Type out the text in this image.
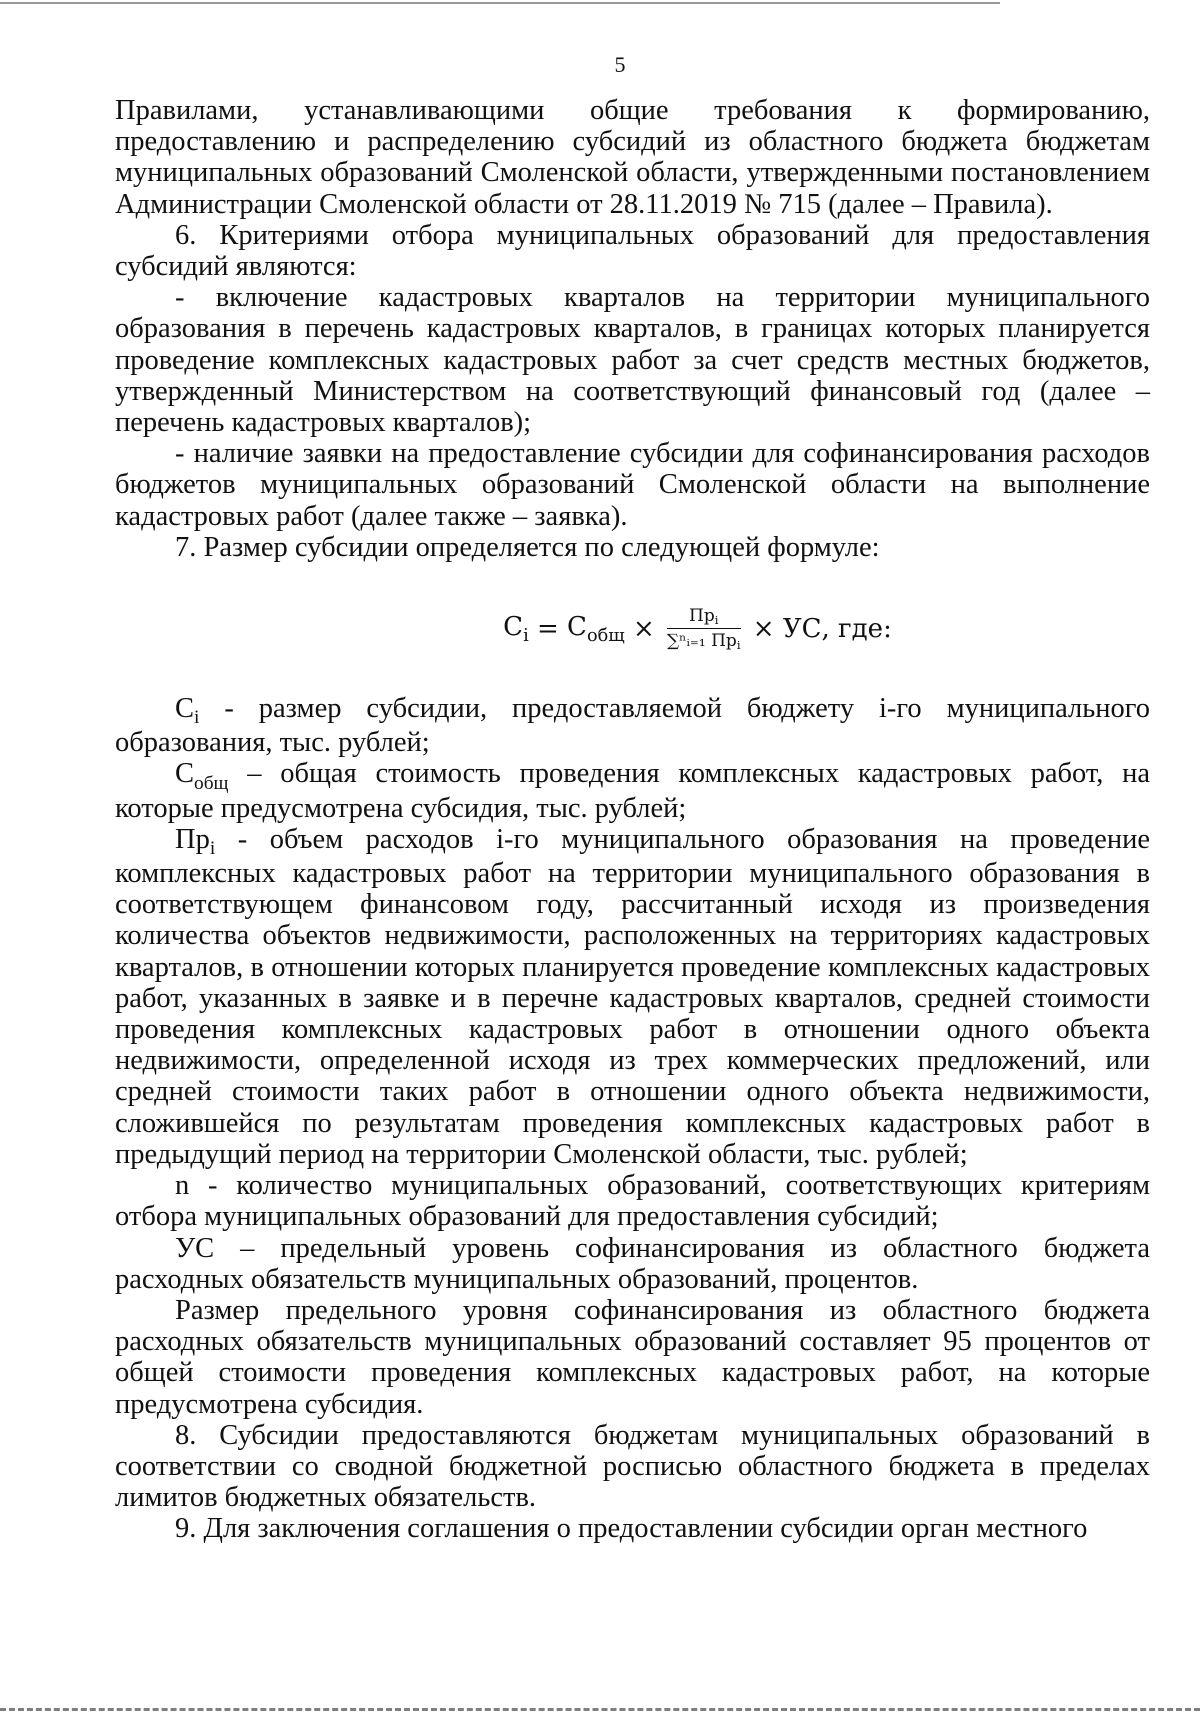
5

Правилами, устанавливающими общие требования к формированию, предоставлению и распределению субсидий из областного бюджета бюджетам муниципальных образований Смоленской области, утвержденными постановлением Администрации Смоленской области от 28.11.2019 № 715 (далее – Правила).

6. Критериями отбора муниципальных образований для предоставления субсидий являются:

- включение кадастровых кварталов на территории муниципального образования в перечень кадастровых кварталов, в границах которых планируется проведение комплексных кадастровых работ за счет средств местных бюджетов, утвержденный Министерством на соответствующий финансовый год (далее – перечень кадастровых кварталов);

- наличие заявки на предоставление субсидии для софинансирования расходов бюджетов муниципальных образований Смоленской области на выполнение кадастровых работ (далее также – заявка).

7. Размер субсидии определяется по следующей формуле:

$C_i = C_{общ} \times \frac{Пр_i}{\sum^nᵢ_{=1} Пр_i}$ × УС, где:

$C_i$ - размер субсидии, предоставляемой бюджету i-го муниципального образования, тыс. рублей;

$C_{общ}$ – общая стоимость проведения комплексных кадастровых работ, на которые предусмотрена субсидия, тыс. рублей;

$Пр_i$ - объем расходов i-го муниципального образования на проведение комплексных кадастровых работ на территории муниципального образования в соответствующем финансовом году, рассчитанный исходя из произведения количества объектов недвижимости, расположенных на территориях кадастровых кварталов, в отношении которых планируется проведение комплексных кадастровых работ, указанных в заявке и в перечне кадастровых кварталов, средней стоимости проведения комплексных кадастровых работ в отношении одного объекта недвижимости, определенной исходя из трех коммерческих предложений, или средней стоимости таких работ в отношении одного объекта недвижимости, сложившейся по результатам проведения комплексных кадастровых работ в предыдущий период на территории Смоленской области, тыс. рублей;

n - количество муниципальных образований, соответствующих критериям отбора муниципальных образований для предоставления субсидий;

УС – предельный уровень софинансирования из областного бюджета расходных обязательств муниципальных образований, процентов.

Размер предельного уровня софинансирования из областного бюджета расходных обязательств муниципальных образований составляет 95 процентов от общей стоимости проведения комплексных кадастровых работ, на которые предусмотрена субсидия.

8. Субсидии предоставляются бюджетам муниципальных образований в соответствии со сводной бюджетной росписью областного бюджета в пределах лимитов бюджетных обязательств.

9. Для заключения соглашения о предоставлении субсидии орган местного
